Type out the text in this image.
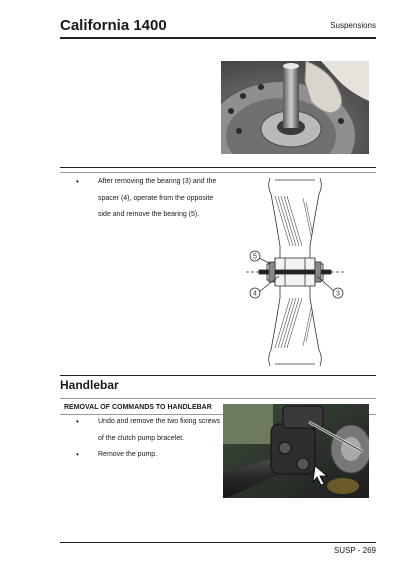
California 1400	Suspensions
• After removing the bearing (3) and the
spacer (4), operate from the opposite
side and remove the bearing (5).
5
4	3
Handlebar
REMOVAL OF COMMANDS TO HANDLEBAR
• Undo and remove the two fixing screws
of the clutch pump bracelet.
• Remove the pump.
SUSP - 269
